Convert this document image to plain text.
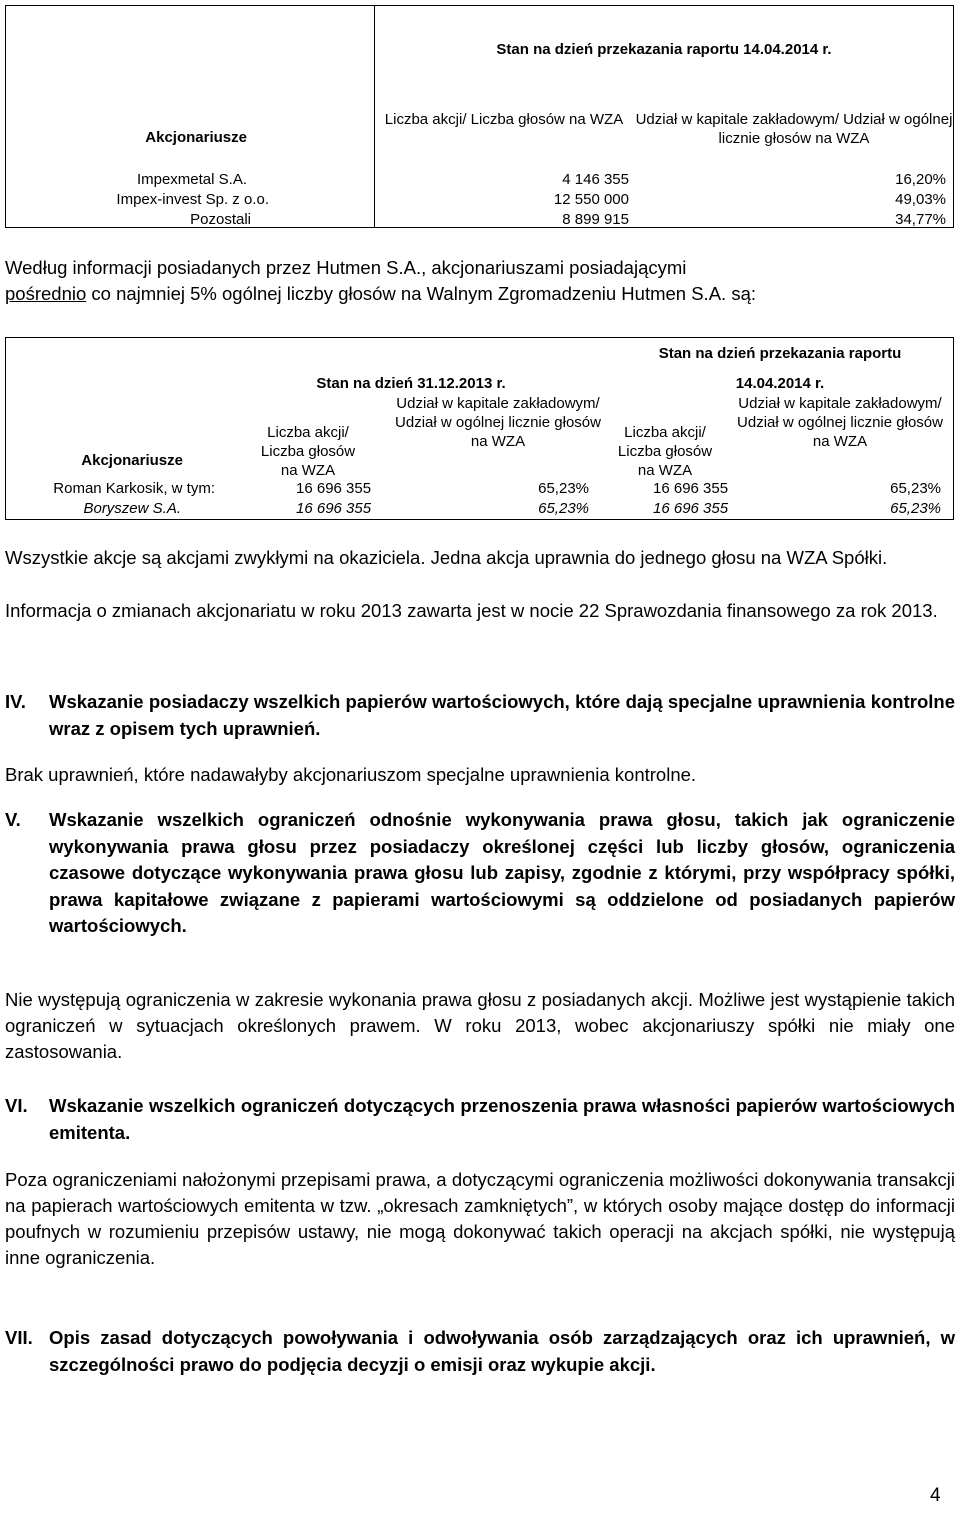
Stan na dzień przekazania raportu 14.04.2014 r.
Akcjonariusze
Liczba akcji/ Liczba głosów na WZA Udział w kapitale zakładowym/ Udział w ogólnej licznie głosów na WZA
Impexmetal S.A.
Impex-invest Sp. z o.o.
Pozostali
4 146 355
12 550 000
8 899 915
16,20%
49,03%
34,77%
Według informacji posiadanych przez Hutmen S.A., akcjonariuszami posiadającymi
pośrednio co najmniej 5% ogólnej liczby głosów na Walnym Zgromadzeniu Hutmen S.A. są:
Stan na dzień przekazania raportu
Stan na dzień 31.12.2013 r.	14.04.2014 r.
Liczba akcji/ Liczba głosów na WZA
Udział w kapitale zakładowym/ Udział w ogólnej licznie głosów na WZA
Liczba akcji/ Liczba głosów na WZA
Udział w kapitale zakładowym/ Udział w ogólnej licznie głosów na WZA
Akcjonariusze
Roman Karkosik, w tym:
Boryszew S.A.
16 696 355
16 696 355
65,23%
65,23%
16 696 355
16 696 355
65,23%
65,23%
Wszystkie akcje są akcjami zwykłymi na okaziciela. Jedna akcja uprawnia do jednego głosu na WZA Spółki.
Informacja o zmianach akcjonariatu w roku 2013 zawarta jest w nocie 22 Sprawozdania finansowego za rok 2013.
IV. Wskazanie posiadaczy wszelkich papierów wartościowych, które dają specjalne uprawnienia kontrolne wraz z opisem tych uprawnień.
Brak uprawnień, które nadawałyby akcjonariuszom specjalne uprawnienia kontrolne.
V. Wskazanie wszelkich ograniczeń odnośnie wykonywania prawa głosu, takich jak ograniczenie wykonywania prawa głosu przez posiadaczy określonej części lub liczby głosów, ograniczenia czasowe dotyczące wykonywania prawa głosu lub zapisy, zgodnie z którymi, przy współpracy spółki, prawa kapitałowe związane z papierami wartościowymi są oddzielone od posiadanych papierów wartościowych.
Nie występują ograniczenia w zakresie wykonania prawa głosu z posiadanych akcji. Możliwe jest wystąpienie takich ograniczeń w sytuacjach określonych prawem. W roku 2013, wobec akcjonariuszy spółki nie miały one zastosowania.
VI. Wskazanie wszelkich ograniczeń dotyczących przenoszenia prawa własności papierów wartościowych emitenta.
Poza ograniczeniami nałożonymi przepisami prawa, a dotyczącymi ograniczenia możliwości dokonywania transakcji na papierach wartościowych emitenta w tzw. „okresach zamkniętych”, w których osoby mające dostęp do informacji poufnych w rozumieniu przepisów ustawy, nie mogą dokonywać takich operacji na akcjach spółki, nie występują inne ograniczenia.
VII. Opis zasad dotyczących powoływania i odwoływania osób zarządzających oraz ich uprawnień, w szczególności prawo do podjęcia decyzji o emisji oraz wykupie akcji.
4
